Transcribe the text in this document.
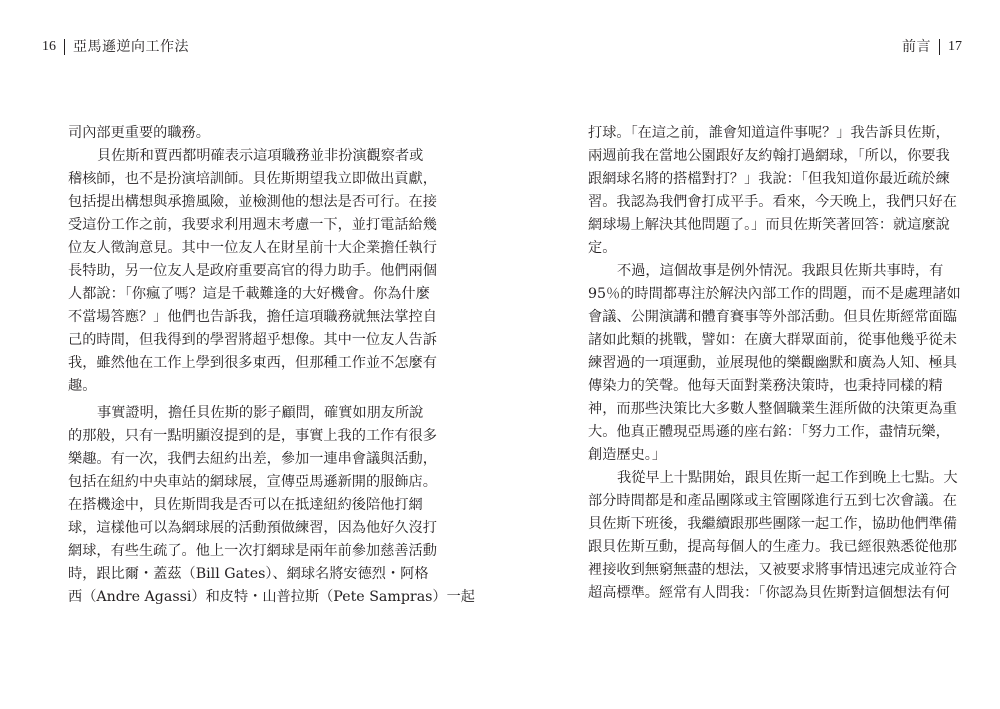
16 亞馬遜逆向工作法
司內部更重要的職務。
貝佐斯和賈西都明確表示這項職務並非扮演觀察者或
稽核師，也不是扮演培訓師。貝佐斯期望我立即做出貢獻，
包括提出構想與承擔風險，並檢測他的想法是否可行。在接
受這份工作之前，我要求利用週末考慮一下，並打電話給幾
位友人徵詢意見。其中一位友人在財星前十大企業擔任執行
長特助，另一位友人是政府重要高官的得力助手。他們兩個
人都說：「你瘋了嗎？這是千載難逢的大好機會。你為什麼
不當場答應？」他們也告訴我，擔任這項職務就無法掌控自
己的時間，但我得到的學習將超乎想像。其中一位友人告訴
我，雖然他在工作上學到很多東西，但那種工作並不怎麼有
趣。
事實證明，擔任貝佐斯的影子顧問，確實如朋友所說
的那般，只有一點明顯沒提到的是，事實上我的工作有很多
樂趣。有一次，我們去紐約出差，參加一連串會議與活動，
包括在紐約中央車站的網球展，宣傳亞馬遜新開的服飾店。
在搭機途中，貝佐斯問我是否可以在抵達紐約後陪他打網
球，這樣他可以為網球展的活動預做練習，因為他好久沒打
網球，有些生疏了。他上一次打網球是兩年前參加慈善活動
時，跟比爾・蓋茲（Bill Gates）、網球名將安德烈・阿格
西（Andre Agassi）和皮特・山普拉斯（Pete Sampras）一起
前言 17
打球。「在這之前，誰會知道這件事呢？」我告訴貝佐斯，
兩週前我在當地公園跟好友約翰打過網球，「所以，你要我
跟網球名將的搭檔對打？」我說：「但我知道你最近疏於練
習。我認為我們會打成平手。看來，今天晚上，我們只好在
網球場上解決其他問題了。」而貝佐斯笑著回答：就這麼說
定。
不過，這個故事是例外情況。我跟貝佐斯共事時，有
95％的時間都專注於解決內部工作的問題，而不是處理諸如
會議、公開演講和體育賽事等外部活動。但貝佐斯經常面臨
諸如此類的挑戰，譬如：在廣大群眾面前，從事他幾乎從未
練習過的一項運動，並展現他的樂觀幽默和廣為人知、極具
傳染力的笑聲。他每天面對業務決策時，也秉持同樣的精
神，而那些決策比大多數人整個職業生涯所做的決策更為重
大。他真正體現亞馬遜的座右銘：「努力工作，盡情玩樂，
創造歷史。」
我從早上十點開始，跟貝佐斯一起工作到晚上七點。大
部分時間都是和產品團隊或主管團隊進行五到七次會議。在
貝佐斯下班後，我繼續跟那些團隊一起工作，協助他們準備
跟貝佐斯互動，提高每個人的生產力。我已經很熟悉從他那
裡接收到無窮無盡的想法，又被要求將事情迅速完成並符合
超高標準。經常有人問我：「你認為貝佐斯對這個想法有何
